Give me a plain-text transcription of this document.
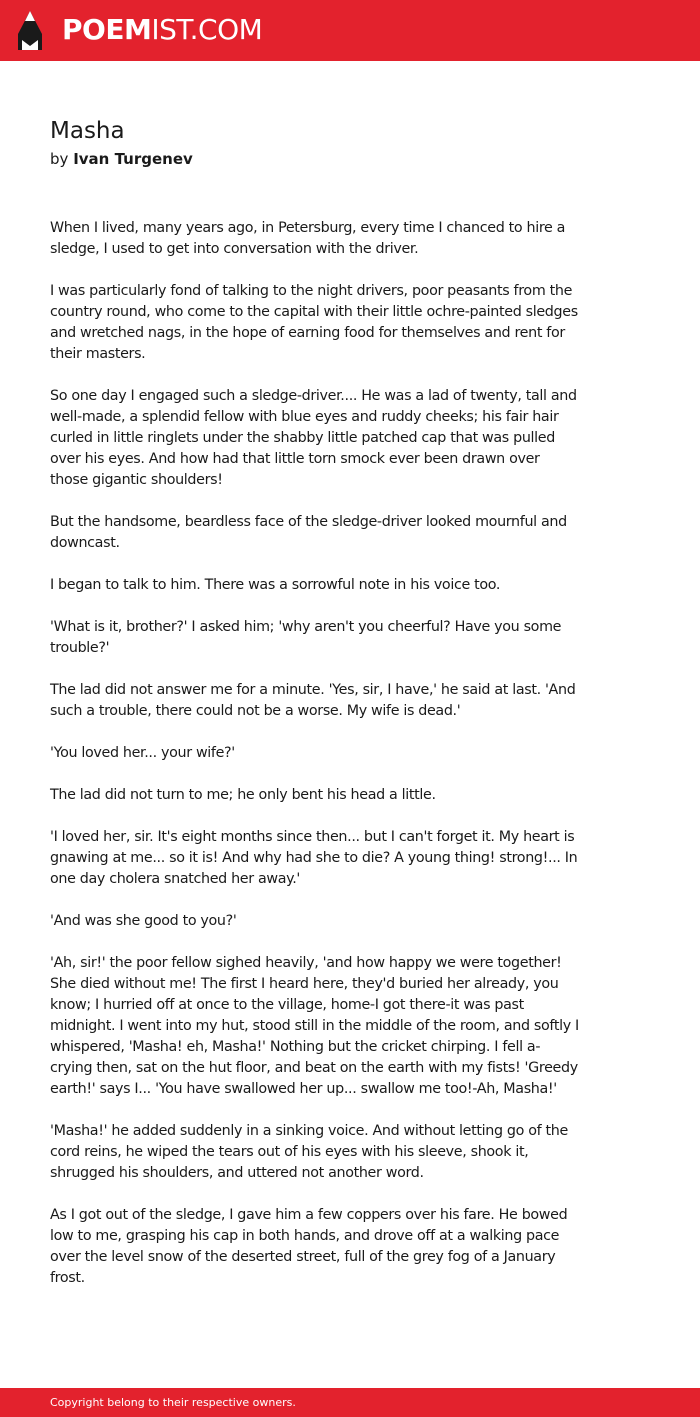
POEMIST.COM
Masha
by Ivan Turgenev

When I lived, many years ago, in Petersburg, every time I chanced to hire a sledge, I used to get into conversation with the driver.

I was particularly fond of talking to the night drivers, poor peasants from the country round, who come to the capital with their little ochre-painted sledges and wretched nags, in the hope of earning food for themselves and rent for their masters.

So one day I engaged such a sledge-driver.... He was a lad of twenty, tall and well-made, a splendid fellow with blue eyes and ruddy cheeks; his fair hair curled in little ringlets under the shabby little patched cap that was pulled over his eyes. And how had that little torn smock ever been drawn over those gigantic shoulders!

But the handsome, beardless face of the sledge-driver looked mournful and downcast.

I began to talk to him. There was a sorrowful note in his voice too.

'What is it, brother?' I asked him; 'why aren't you cheerful? Have you some trouble?'

The lad did not answer me for a minute. 'Yes, sir, I have,' he said at last. 'And such a trouble, there could not be a worse. My wife is dead.'

'You loved her... your wife?'

The lad did not turn to me; he only bent his head a little.

'I loved her, sir. It's eight months since then... but I can't forget it. My heart is gnawing at me... so it is! And why had she to die? A young thing! strong!... In one day cholera snatched her away.'

'And was she good to you?'

'Ah, sir!' the poor fellow sighed heavily, 'and how happy we were together! She died without me! The first I heard here, they'd buried her already, you know; I hurried off at once to the village, home-I got there-it was past midnight. I went into my hut, stood still in the middle of the room, and softly I whispered, 'Masha! eh, Masha!' Nothing but the cricket chirping. I fell a-crying then, sat on the hut floor, and beat on the earth with my fists! 'Greedy earth!' says I... 'You have swallowed her up... swallow me too!-Ah, Masha!'

'Masha!' he added suddenly in a sinking voice. And without letting go of the cord reins, he wiped the tears out of his eyes with his sleeve, shook it, shrugged his shoulders, and uttered not another word.

As I got out of the sledge, I gave him a few coppers over his fare. He bowed low to me, grasping his cap in both hands, and drove off at a walking pace over the level snow of the deserted street, full of the grey fog of a January frost.

Copyright belong to their respective owners.
